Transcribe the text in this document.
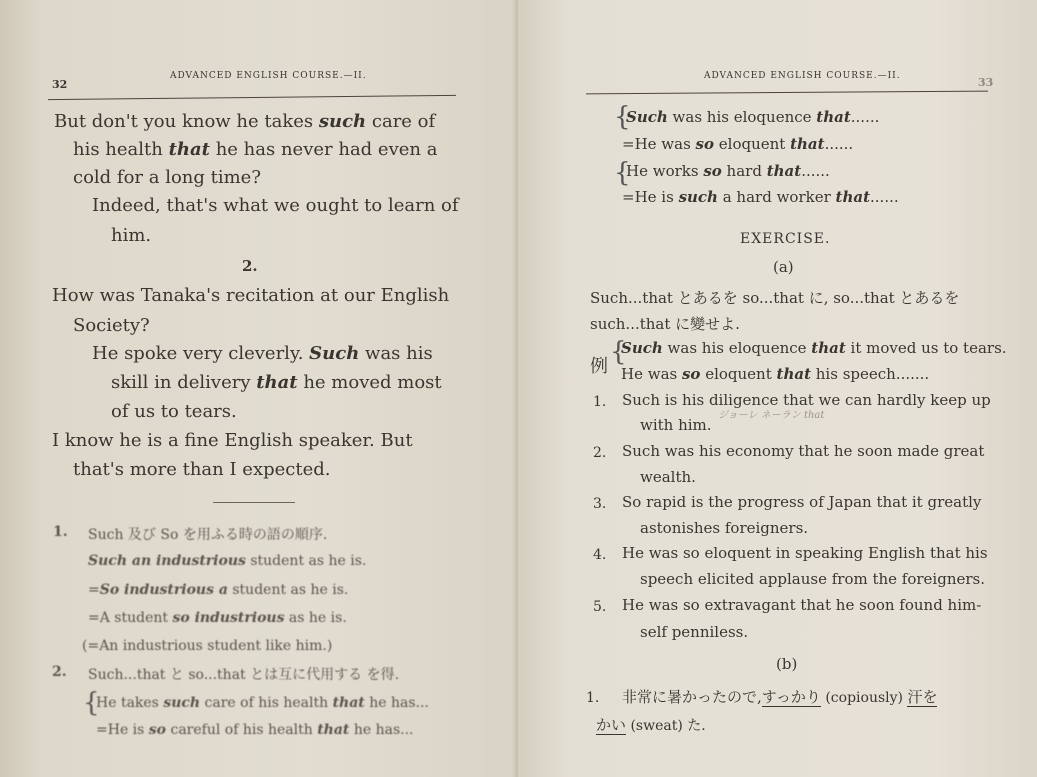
32
ADVANCED ENGLISH COURSE.—II.
But don't you know he takes such care of
his health that he has never had even a
cold for a long time?
Indeed, that's what we ought to learn of
him.
2.
How was Tanaka's recitation at our English
Society?
He spoke very cleverly. Such was his
skill in delivery that he moved most
of us to tears.
I know he is a fine English speaker. But
that's more than I expected.
1. Such 及び So を用ふる時の語の順序.
Such an industrious student as he is.
=So industrious a student as he is.
=A student so industrious as he is.
(=An industrious student like him.)
2. Such...that と so...that とは互に代用する を得.
{
He takes such care of his health that he has...
=He is so careful of his health that he has...
ADVANCED ENGLISH COURSE.—II.	33
{
Such was his eloquence that......
=He was so eloquent that......
{
He works so hard that......
=He is such a hard worker that......
EXERCISE.
(a)
Such...that とあるを so...that に, so...that とあるを
such...that に變せよ.
例 {
Such was his eloquence that it moved us to tears.
He was so eloquent that his speech.......
1. Such is his diligence that we can hardly keep up
with him.
ジョーレ ネーラン that
2. Such was his economy that he soon made great
wealth.
3. So rapid is the progress of Japan that it greatly
astonishes foreigners.
4. He was so eloquent in speaking English that his
speech elicited applause from the foreigners.
5. He was so extravagant that he soon found him-
self penniless.
(b)
1. 非常に暑かったので,すっかり (copiously) 汗を
かい (sweat) た.
